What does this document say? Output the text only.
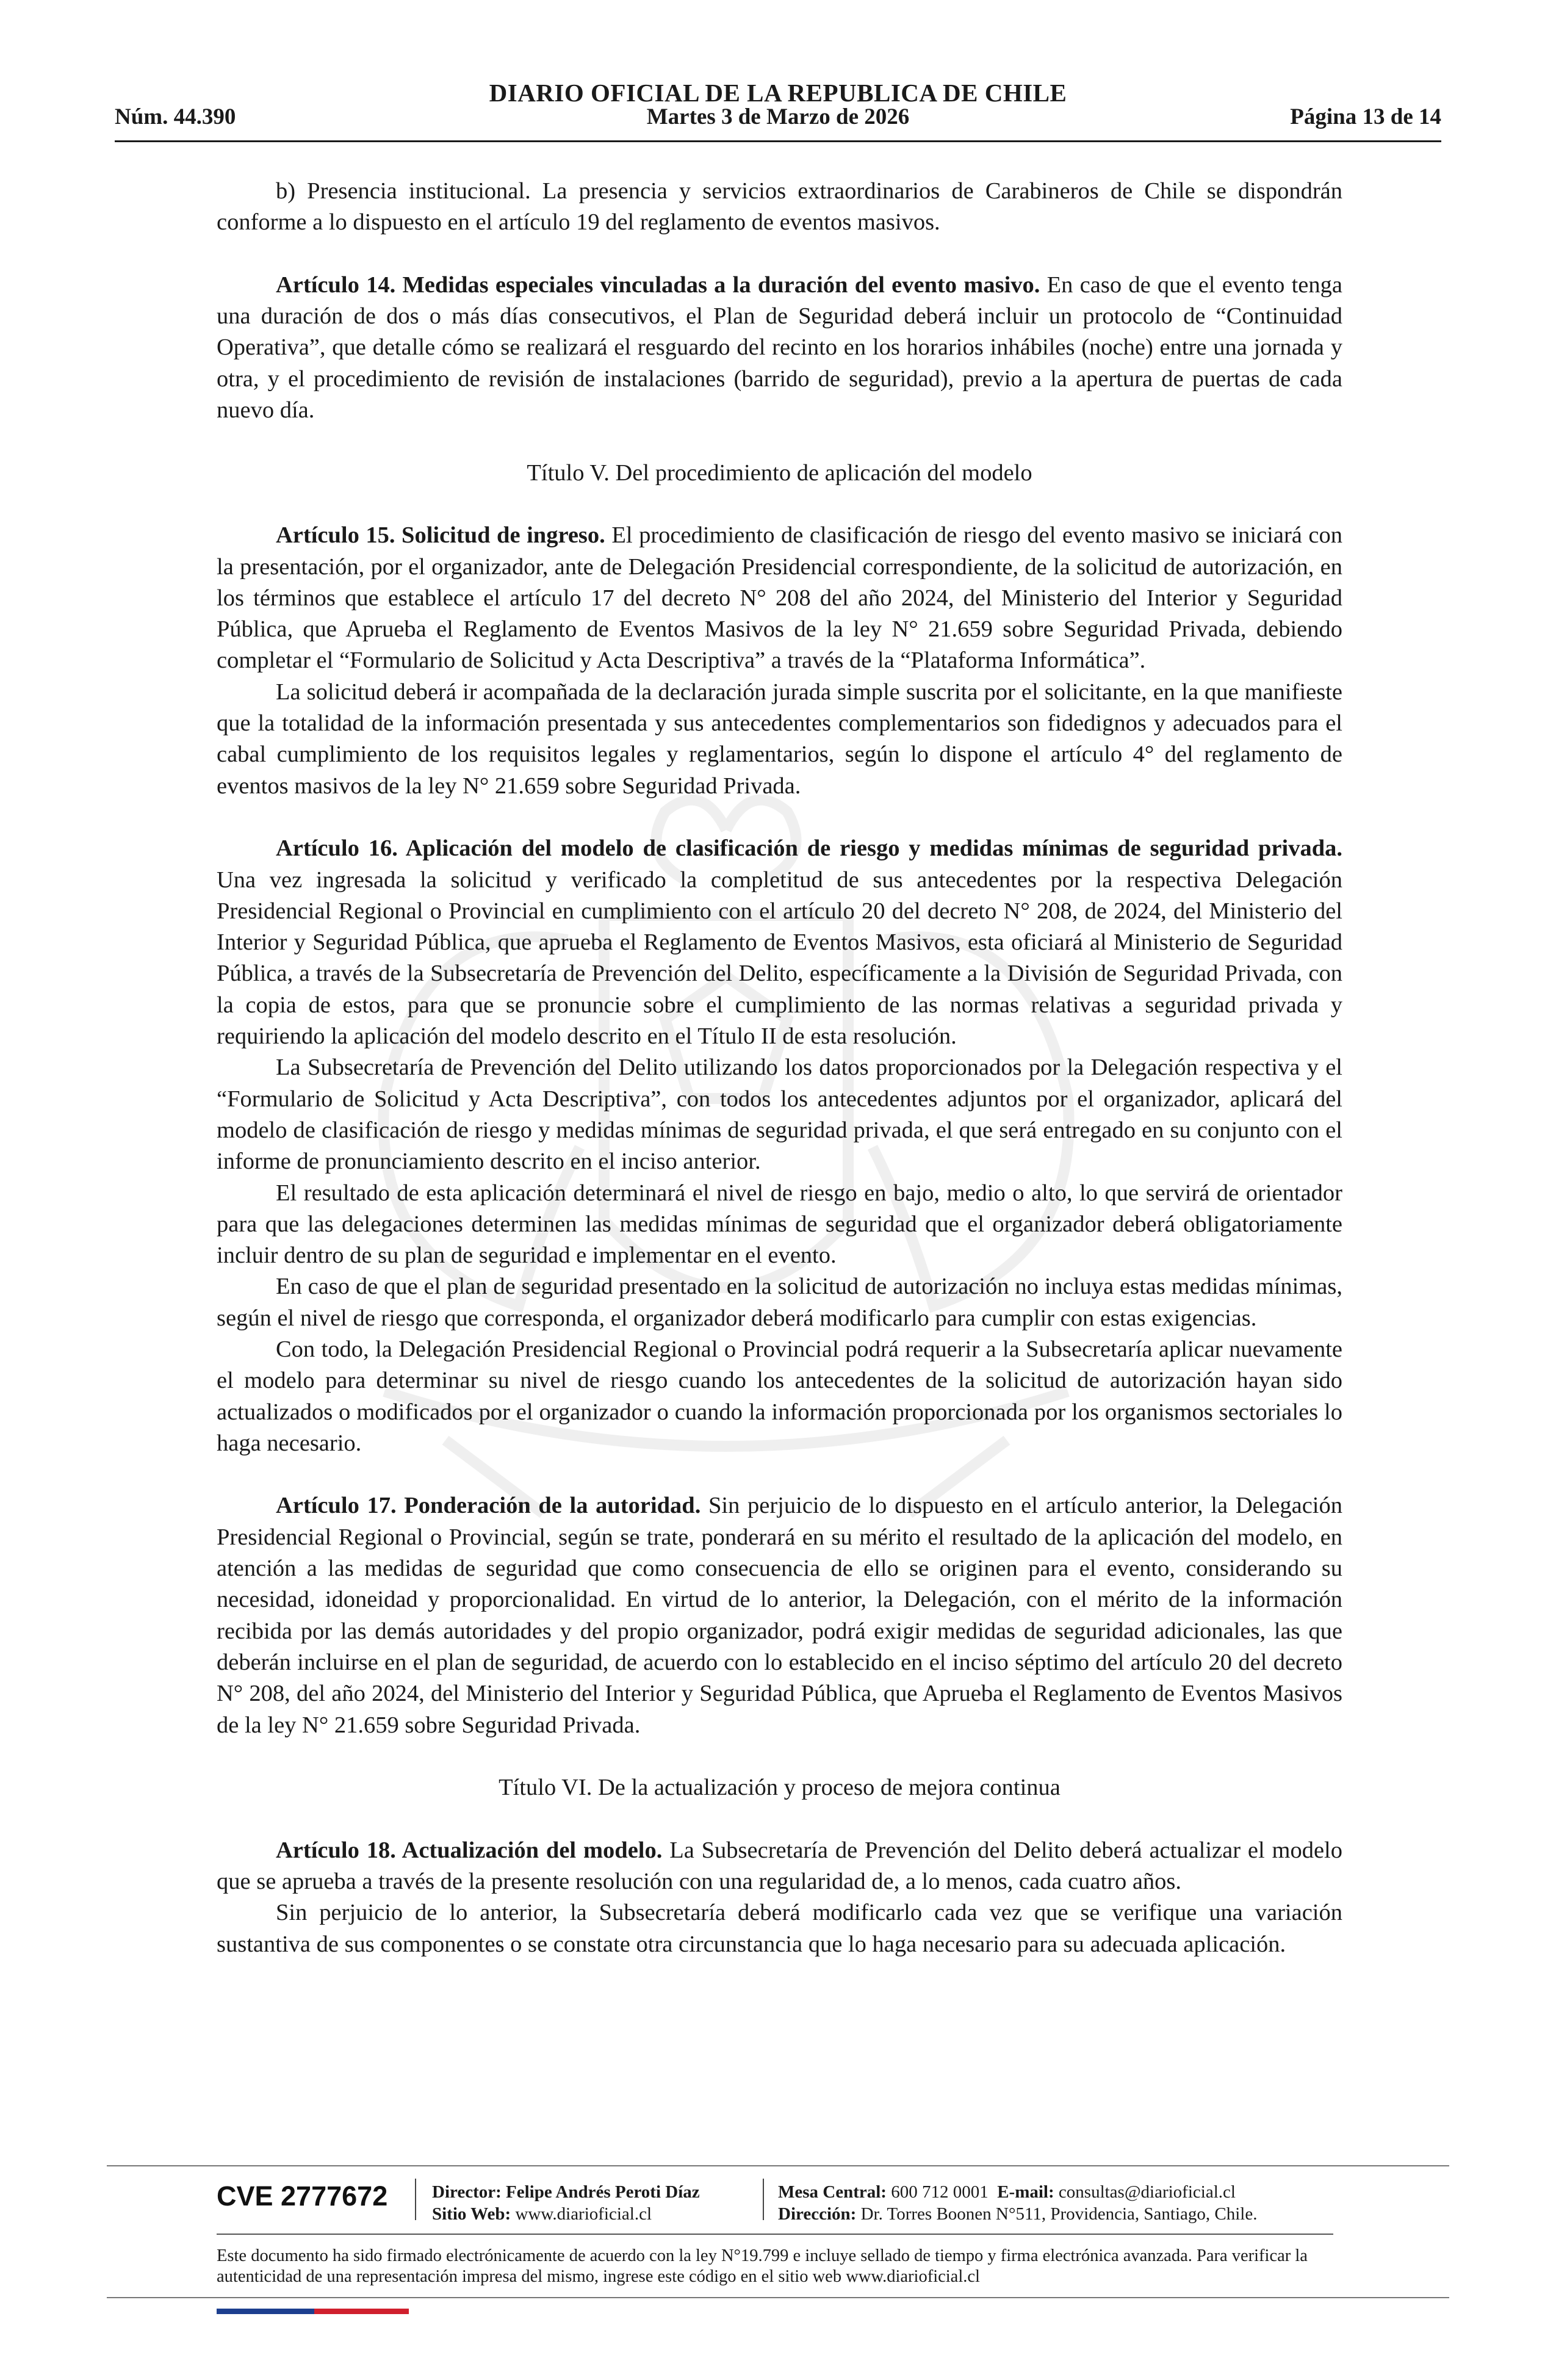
DIARIO OFICIAL DE LA REPUBLICA DE CHILE
Núm. 44.390	Martes 3 de Marzo de 2026	Página 13 de 14

b) Presencia institucional. La presencia y servicios extraordinarios de Carabineros de Chile se dispondrán conforme a lo dispuesto en el artículo 19 del reglamento de eventos masivos.

Artículo 14. Medidas especiales vinculadas a la duración del evento masivo. En caso de que el evento tenga una duración de dos o más días consecutivos, el Plan de Seguridad deberá incluir un protocolo de “Continuidad Operativa”, que detalle cómo se realizará el resguardo del recinto en los horarios inhábiles (noche) entre una jornada y otra, y el procedimiento de revisión de instalaciones (barrido de seguridad), previo a la apertura de puertas de cada nuevo día.

Título V. Del procedimiento de aplicación del modelo

Artículo 15. Solicitud de ingreso. El procedimiento de clasificación de riesgo del evento masivo se iniciará con la presentación, por el organizador, ante de Delegación Presidencial correspondiente, de la solicitud de autorización, en los términos que establece el artículo 17 del decreto N° 208 del año 2024, del Ministerio del Interior y Seguridad Pública, que Aprueba el Reglamento de Eventos Masivos de la ley N° 21.659 sobre Seguridad Privada, debiendo completar el “Formulario de Solicitud y Acta Descriptiva” a través de la “Plataforma Informática”.

La solicitud deberá ir acompañada de la declaración jurada simple suscrita por el solicitante, en la que manifieste que la totalidad de la información presentada y sus antecedentes complementarios son fidedignos y adecuados para el cabal cumplimiento de los requisitos legales y reglamentarios, según lo dispone el artículo 4° del reglamento de eventos masivos de la ley N° 21.659 sobre Seguridad Privada.

Artículo 16. Aplicación del modelo de clasificación de riesgo y medidas mínimas de seguridad privada. Una vez ingresada la solicitud y verificado la completitud de sus antecedentes por la respectiva Delegación Presidencial Regional o Provincial en cumplimiento con el artículo 20 del decreto N° 208, de 2024, del Ministerio del Interior y Seguridad Pública, que aprueba el Reglamento de Eventos Masivos, esta oficiará al Ministerio de Seguridad Pública, a través de la Subsecretaría de Prevención del Delito, específicamente a la División de Seguridad Privada, con la copia de estos, para que se pronuncie sobre el cumplimiento de las normas relativas a seguridad privada y requiriendo la aplicación del modelo descrito en el Título II de esta resolución.

La Subsecretaría de Prevención del Delito utilizando los datos proporcionados por la Delegación respectiva y el “Formulario de Solicitud y Acta Descriptiva”, con todos los antecedentes adjuntos por el organizador, aplicará del modelo de clasificación de riesgo y medidas mínimas de seguridad privada, el que será entregado en su conjunto con el informe de pronunciamiento descrito en el inciso anterior.

El resultado de esta aplicación determinará el nivel de riesgo en bajo, medio o alto, lo que servirá de orientador para que las delegaciones determinen las medidas mínimas de seguridad que el organizador deberá obligatoriamente incluir dentro de su plan de seguridad e implementar en el evento.

En caso de que el plan de seguridad presentado en la solicitud de autorización no incluya estas medidas mínimas, según el nivel de riesgo que corresponda, el organizador deberá modificarlo para cumplir con estas exigencias.

Con todo, la Delegación Presidencial Regional o Provincial podrá requerir a la Subsecretaría aplicar nuevamente el modelo para determinar su nivel de riesgo cuando los antecedentes de la solicitud de autorización hayan sido actualizados o modificados por el organizador o cuando la información proporcionada por los organismos sectoriales lo haga necesario.

Artículo 17. Ponderación de la autoridad. Sin perjuicio de lo dispuesto en el artículo anterior, la Delegación Presidencial Regional o Provincial, según se trate, ponderará en su mérito el resultado de la aplicación del modelo, en atención a las medidas de seguridad que como consecuencia de ello se originen para el evento, considerando su necesidad, idoneidad y proporcionalidad. En virtud de lo anterior, la Delegación, con el mérito de la información recibida por las demás autoridades y del propio organizador, podrá exigir medidas de seguridad adicionales, las que deberán incluirse en el plan de seguridad, de acuerdo con lo establecido en el inciso séptimo del artículo 20 del decreto N° 208, del año 2024, del Ministerio del Interior y Seguridad Pública, que Aprueba el Reglamento de Eventos Masivos de la ley N° 21.659 sobre Seguridad Privada.

Título VI. De la actualización y proceso de mejora continua

Artículo 18. Actualización del modelo. La Subsecretaría de Prevención del Delito deberá actualizar el modelo que se aprueba a través de la presente resolución con una regularidad de, a lo menos, cada cuatro años.

Sin perjuicio de lo anterior, la Subsecretaría deberá modificarlo cada vez que se verifique una variación sustantiva de sus componentes o se constate otra circunstancia que lo haga necesario para su adecuada aplicación.

CVE 2777672	Director: Felipe Andrés Peroti Díaz
Sitio Web: www.diarioficial.cl
Mesa Central: 600 712 0001 E-mail: consultas@diarioficial.cl
Dirección: Dr. Torres Boonen N°511, Providencia, Santiago, Chile.
Este documento ha sido firmado electrónicamente de acuerdo con la ley N°19.799 e incluye sellado de tiempo y firma electrónica avanzada. Para verificar la autenticidad de una representación impresa del mismo, ingrese este código en el sitio web www.diarioficial.cl
